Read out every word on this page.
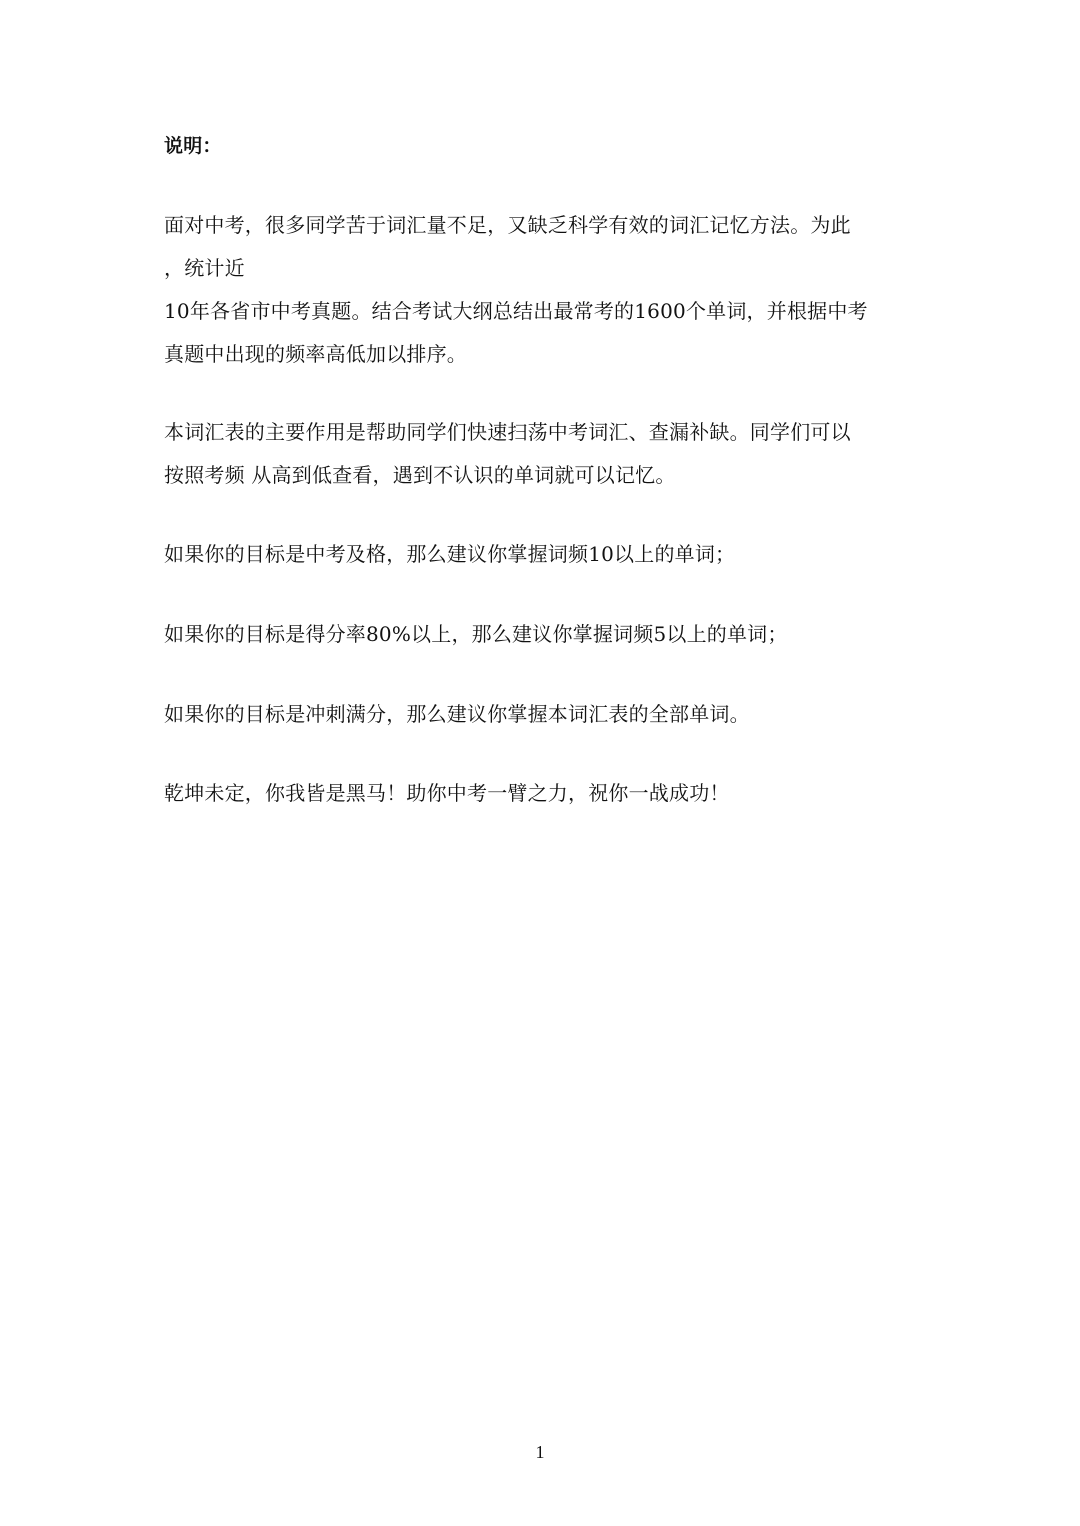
说明：
面对中考，很多同学苦于词汇量不足，又缺乏科学有效的词汇记忆方法。为此
，统计近
10年各省市中考真题。结合考试大纲总结出最常考的1600个单词，并根据中考
真题中出现的频率高低加以排序。
本词汇表的主要作用是帮助同学们快速扫荡中考词汇、查漏补缺。同学们可以
按照考频 从高到低查看，遇到不认识的单词就可以记忆。
如果你的目标是中考及格，那么建议你掌握词频10以上的单词；
如果你的目标是得分率80%以上，那么建议你掌握词频5以上的单词；
如果你的目标是冲刺满分，那么建议你掌握本词汇表的全部单词。
乾坤未定，你我皆是黑马！助你中考一臂之力，祝你一战成功！
1
